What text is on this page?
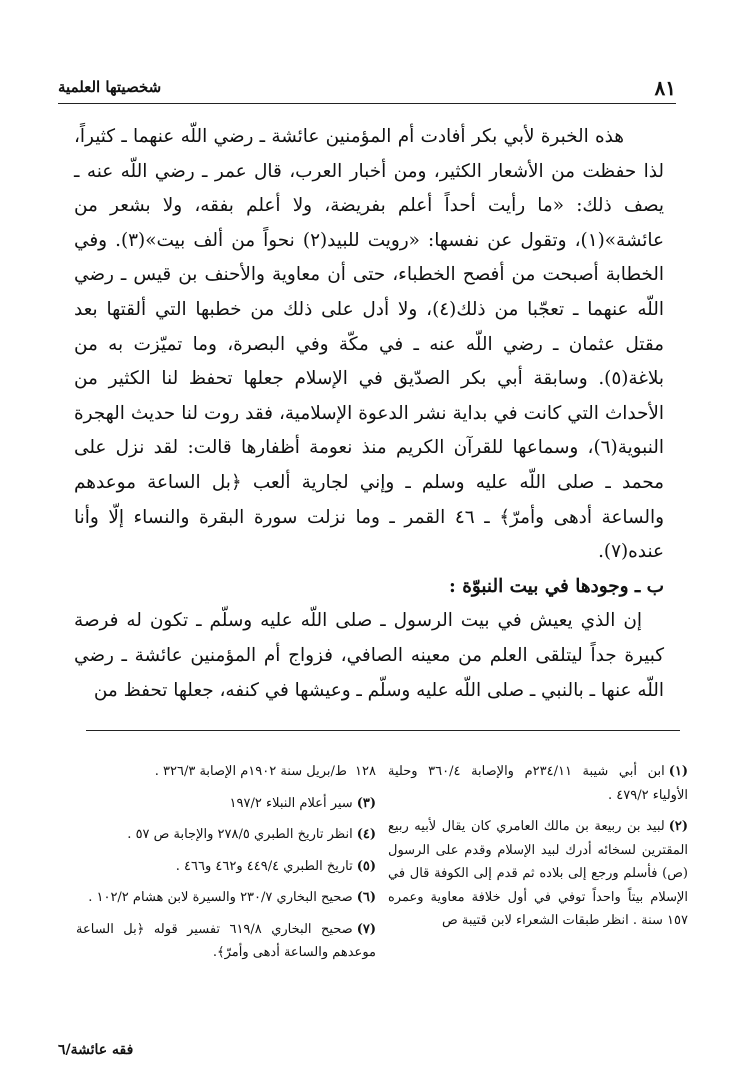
٨١
شخصيتها العلمية

هذه الخبرة لأبي بكر أفادت أم المؤمنين عائشة ـ رضي اللّه عنهما ـ كثيراً، لذا حفظت من الأشعار الكثير، ومن أخبار العرب، قال عمر ـ رضي اللّه عنه ـ يصف ذلك: «ما رأيت أحداً أعلم بفريضة، ولا أعلم بفقه، ولا بشعر من عائشة»(١)، وتقول عن نفسها: «رويت للبيد(٢) نحواً من ألف بيت»(٣). وفي الخطابة أصبحت من أفصح الخطباء، حتى أن معاوية والأحنف بن قيس ـ رضي اللّه عنهما ـ تعجّبا من ذلك(٤)، ولا أدل على ذلك من خطبها التي ألقتها بعد مقتل عثمان ـ رضي اللّه عنه ـ في مكّة وفي البصرة، وما تميّزت به من بلاغة(٥). وسابقة أبي بكر الصدّيق في الإسلام جعلها تحفظ لنا الكثير من الأحداث التي كانت في بداية نشر الدعوة الإسلامية، فقد روت لنا حديث الهجرة النبوية(٦)، وسماعها للقرآن الكريم منذ نعومة أظفارها قالت: لقد نزل على محمد ـ صلى اللّه عليه وسلم ـ وإني لجارية ألعب ﴿بل الساعة موعدهم والساعة أدهى وأمرّ﴾ ـ ٤٦ القمر ـ وما نزلت سورة البقرة والنساء إلّا وأنا عنده(٧).

ب ـ وجودها في بيت النبوّة :

إن الذي يعيش في بيت الرسول ـ صلى اللّه عليه وسلّم ـ تكون له فرصة كبيرة جداً ليتلقى العلم من معينه الصافي، فزواج أم المؤمنين عائشة ـ رضي اللّه عنها ـ بالنبي ـ صلى اللّه عليه وسلّم ـ وعيشها في كنفه، جعلها تحفظ من

(١)ابن أبي شيبة ٢٣٤/١١م والإصابة ٣٦٠/٤ وحلية الأولياء ٤٧٩/٢ .

(٢)لبيد بن ربيعة بن مالك العامري كان يقال لأبيه ربيع المقترين لسخائه أدرك لبيد الإسلام وقدم على الرسول (ص) فأسلم ورجع إلى بلاده ثم قدم إلى الكوفة قال في الإسلام بيتاً واحداً توفي في أول خلافة معاوية وعمره ١٥٧ سنة . انظر طبقات الشعراء لابن قتيبة ص

١٢٨ ط/بريل سنة ١٩٠٢م الإصابة ٣٢٦/٣ .

(٣)سير أعلام النبلاء ١٩٧/٢

(٤)انظر تاريخ الطبري ٢٧٨/٥ والإجابة ص ٥٧ .

(٥)تاريخ الطبري ٤٤٩/٤ و٤٦٢ و٤٦٦ .

(٦)صحيح البخاري ٢٣٠/٧ والسيرة لابن هشام ١٠٢/٢ .

(٧)صحيح البخاري ٦١٩/٨ تفسير قوله ﴿بل الساعة موعدهم والساعة أدهى وأمرّ﴾.

فقه عائشة/٦
